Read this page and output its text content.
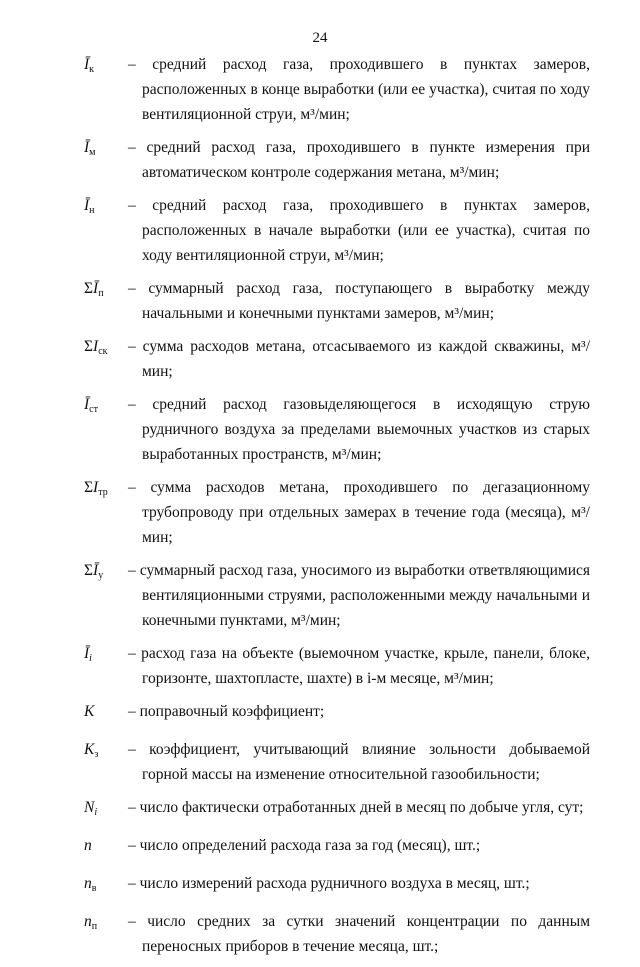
24
$Ī_к$	– средний расход газа, проходившего в пунктах замеров, расположенных в конце выработки (или ее участка), считая по ходу вентиляционной струи, м³/мин;
$Ī_м$	– средний расход газа, проходившего в пункте измерения при автоматическом контроле содержания метана, м³/мин;
$Ī_н$	– средний расход газа, проходившего в пунктах замеров, расположенных в начале выработки (или ее участка), считая по ходу вентиляционной струи, м³/мин;
$\Sigma Ī_п$	– суммарный расход газа, поступающего в выработку между начальными и конечными пунктами замеров, м³/мин;
$\Sigma I_{ск}$	– сумма расходов метана, отсасываемого из каждой скважины, м³/мин;
$Ī_{ст}$	– средний расход газовыделяющегося в исходящую струю рудничного воздуха за пределами выемочных участков из старых выработанных пространств, м³/мин;
$\Sigma I_{тр}$	– сумма расходов метана, проходившего по дегазационному трубопроводу при отдельных замерах в течение года (месяца), м³/мин;
$\Sigma Ī_у$	– суммарный расход газа, уносимого из выработки ответвляющимися вентиляционными струями, расположенными между начальными и конечными пунктами, м³/мин;
Īi	– расход газа на объекте (выемочном участке, крыле, панели, блоке, горизонте, шахтопласте, шахте) в i-м месяце, м³/мин;
K	– поправочный коэффициент;
$K_з$	– коэффициент, учитывающий влияние зольности добываемой горной массы на изменение относительной газообильности;
Ni	– число фактически отработанных дней в месяц по добыче угля, сут;
n	– число определений расхода газа за год (месяц), шт.;
$n_в$	– число измерений расхода рудничного воздуха в месяц, шт.;
$n_п$	– число средних за сутки значений концентрации по данным переносных приборов в течение месяца, шт.;
